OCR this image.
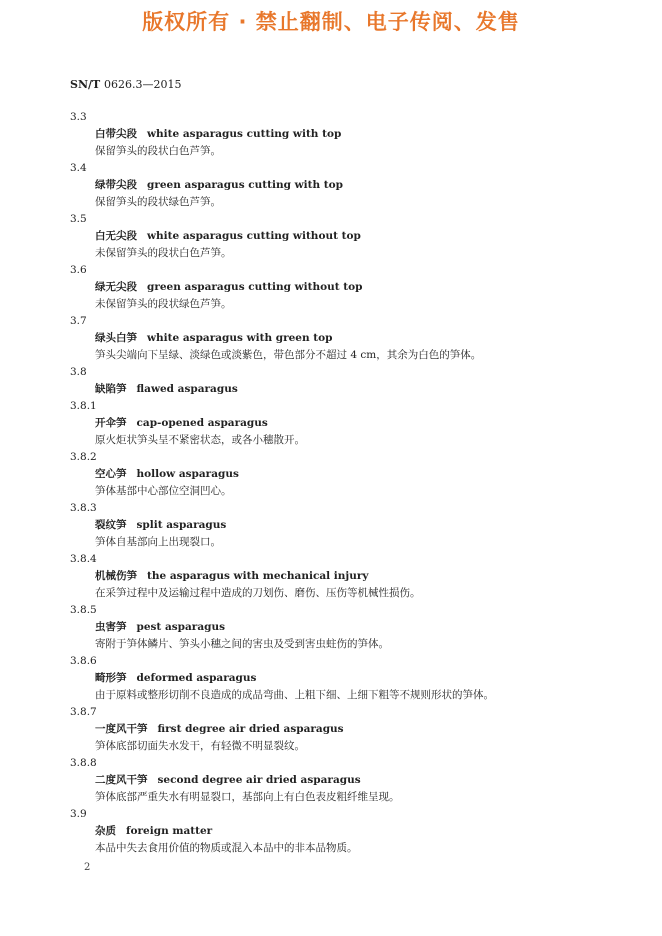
版权所有 · 禁止翻制、电子传阅、发售
SN/T 0626.3—2015
3.3
白带尖段 white asparagus cutting with top
保留笋头的段状白色芦笋。
3.4
绿带尖段 green asparagus cutting with top
保留笋头的段状绿色芦笋。
3.5
白无尖段 white asparagus cutting without top
未保留笋头的段状白色芦笋。
3.6
绿无尖段 green asparagus cutting without top
未保留笋头的段状绿色芦笋。
3.7
绿头白笋 white asparagus with green top
笋头尖端向下呈绿、淡绿色或淡紫色，带色部分不超过 4 cm，其余为白色的笋体。
3.8
缺陷笋 flawed asparagus
3.8.1
开伞笋 cap-opened asparagus
原火炬状笋头呈不紧密状态，或各小穗散开。
3.8.2
空心笋 hollow asparagus
笋体基部中心部位空洞凹心。
3.8.3
裂纹笋 split asparagus
笋体自基部向上出现裂口。
3.8.4
机械伤笋 the asparagus with mechanical injury
在采笋过程中及运输过程中造成的刀划伤、磨伤、压伤等机械性损伤。
3.8.5
虫害笋 pest asparagus
寄附于笋体鳞片、笋头小穗之间的害虫及受到害虫蛀伤的笋体。
3.8.6
畸形笋 deformed asparagus
由于原料或整形切削不良造成的成品弯曲、上粗下细、上细下粗等不规则形状的笋体。
3.8.7
一度风干笋 first degree air dried asparagus
笋体底部切面失水发干，有轻微不明显裂纹。
3.8.8
二度风干笋 second degree air dried asparagus
笋体底部严重失水有明显裂口，基部向上有白色表皮粗纤维呈现。
3.9
杂质 foreign matter
本品中失去食用价值的物质或混入本品中的非本品物质。
2
